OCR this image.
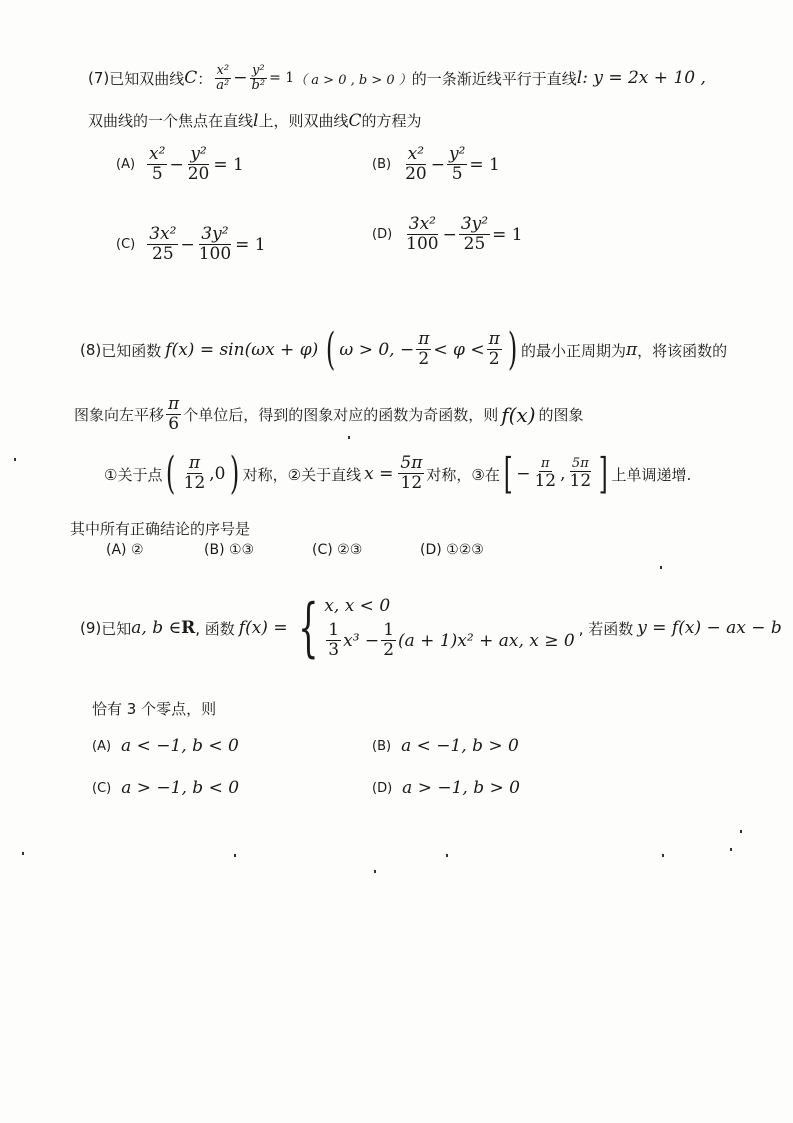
(7) 已知双曲线 C ： $\frac{\text{x²}}{\text{a²}} - \frac{\text{y²}}{\text{b²}} = 1$ （ a > 0 , b > 0 ） 的一条渐近线平行于直线 l : y = 2x + 10 ,
双曲线的一个焦点在直线 l 上，则双曲线 C 的方程为
$(A) \frac{\text{x²}}{5} - \frac{\text{y²}}{20} = 1$	$(B) \frac{\text{x²}}{20} - \frac{\text{y²}}{5} = 1$
$(C) \frac{\text{3x²}}{25} - \frac{\text{3y²}}{100} = 1$	$(D) \frac{\text{3x²}}{100} - \frac{\text{3y²}}{25} = 1$
(8) 已知函数 f(x) = sin(ωx + φ) ( ω > 0, − $\frac{\pi}{2} < \varphi < \frac{\pi}{2}$ ) 的最小正周期为 π ，将该函数的
图象向左平移 $\frac{\pi}{6}$ 个单位后，得到的图象对应的函数为奇函数，则 f(x) 的图象
①关于点 ( $\frac{\pi}{12} ,0$ ) 对称，②关于直线 $x = \frac{5\pi}{12}$ 对称，③在 [ − $\frac{\pi}{12}$ , $\frac{5\pi}{12}$ ] 上单调递增.
其中所有正确结论的序号是
(A) ②	(B) ①③	(C) ②③	(D) ①②③
(9) 已知 a, b ∈ R , 函数 f(x) = { x, x < 0
$\frac{1}{3} x^3 - \frac{1}{2} (a + 1)x^2$ + ax, x ≥ 0
, 若函数 y = f(x) − ax − b
恰有 3 个零点，则
(A) a < −1, b < 0	(B) a < −1, b > 0
(C) a > −1, b < 0	(D) a > −1, b > 0
